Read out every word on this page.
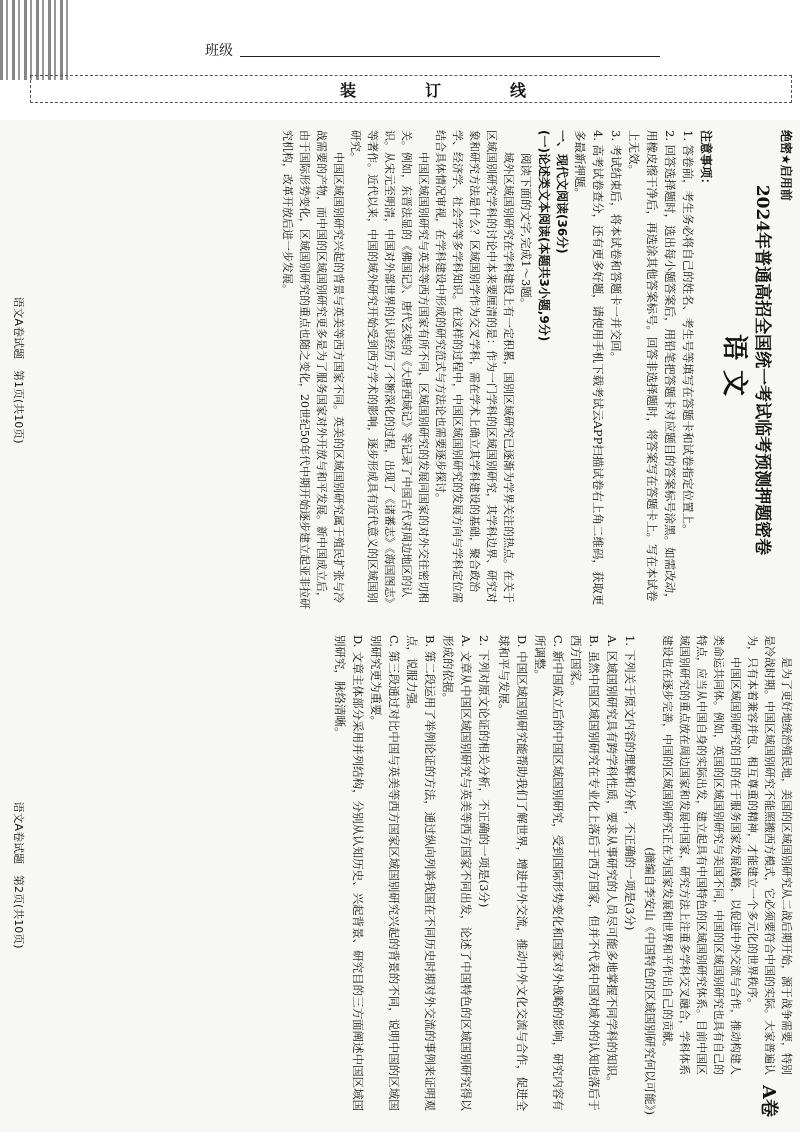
班级
装	订	线
绝密★启用前
2024年普通高招全国统一考试临考预测押题密卷
语文

注意事项：

1. 答卷前，考生务必将自己的姓名、考生号等填写在答题卡和试卷指定位置上。

2. 回答选择题时，选出每小题答案后，用铅笔把答题卡对应题目的答案标号涂黑。如需改动，用橡皮擦干净后，再选涂其他答案标号。回答非选择题时，将答案写在答题卡上。写在本试卷上无效。

3. 考试结束后，将本试卷和答题卡一并交回。

4. 高考试卷查分，还有更多好题，请使用手机下载考试云APP扫描试卷右上角二维码，获取更多最新押题。

一、现代文阅读(36分)
(一)论述类文本阅读(本题共3小题,9分)
阅读下面的文字,完成1～3题。

域外区域国别研究在学科建设上有一定积累，国别区域研究已逐渐为学界关注的热点。在关于区域国别研究学科的讨论中本来要厘清的是：作为一门学科的区域国别研究，其学科边界、研究对象和研究方法是什么？区域国别学作为交叉学科，需在学术上确立其学科建设的基础，聚合政治学、经济学、社会学等多学科知识。在这样的过程中，中国区域国别研究的发展方向与学科定位需结合具体情况审视，在学科建设中形成的研究范式与方法论也需要逐步探讨。

中国区域国别研究与英美等西方国家有所不同，区域国别研究的发展同国家的对外交往密切相关。例如，东晋法显的《佛国记》、唐代玄奘的《大唐西域记》等记录了中国古代对周边地区的认识。从宋元至明清，中国对外部世界的认识经历了不断深化的过程，出现了《诸蕃志》《海国图志》等著作。近代以来，中国的域外研究开始受到西方学术的影响，逐步形成具有近代意义的区域国别研究。

中国区域国别研究兴起的背景与英美等西方国家不同。英美的区域国别研究属于殖民扩张与冷战需要的产物，而中国的区域国别研究更多是为了服务国家对外开放与和平发展。新中国成立后，由于国际形势变化，区域国别研究的重点也随之变化，20世纪50年代中期开始逐步建立起亚非拉研究机构，改革开放后进一步发展。

语文A卷试题　第1页(共10页)
A卷

是为了更好地统治殖民地，美国的区域国别研究从二战后期开始，源于战争需要，特别是冷战时期。中国区域国别研究不能照搬西方模式，它必须要符合中国的实际。大家普遍认为，只有本着兼容并包、相互尊重的精神，才能建立一个多元化的世界秩序。

中国区域国别研究的目的在于服务国家发展战略，以促进中外交流与合作，推动构建人类命运共同体。例如，英国的区域国别研究与美国不同，中国的区域国别研究也具有自己的特点，应当从中国自身的实际出发，建立起具有中国特色的区域国别研究体系。目前中国区域国别研究的重点放在周边国家和发展中国家，研究方法上注重多学科交叉融合，学科体系建设也在逐步完善，中国的区域国别研究正在为国家发展和世界和平作出自己的贡献。

(摘编自李安山《中国特色的区域国别研究何以可能》)
1. 下列关于原文内容的理解和分析，不正确的一项是(3分)
A. 区域国别研究具有跨学科性质，要求从事研究的人员尽可能多地掌握不同学科的知识。
B. 虽然中国区域国别研究在专业化上落后于西方国家，但并不代表中国对域外的认知也落后于西方国家。
C. 新中国成立后的中国区域国别研究，受到国际形势变化和国家对外战略的影响，研究内容有所调整。
D. 中国区域国别研究能帮助我们了解世界，增进中外交流，推动中外文化交流与合作，促进全球和平与发展。
2. 下列对原文论证的相关分析，不正确的一项是(3分)
A. 文章从中国区域国别研究与英美等西方国家不同出发，论述了中国特色的区域国别研究得以形成的依据。
B. 第二段运用了举例论证的方法，通过纵向列举我国在不同历史时期对外交流的事例来证明观点，说服力强。
C. 第三段通过对比中国与英美等西方国家区域国别研究兴起的背景的不同，说明中国的区域国别研究更为重要。
D. 文章主体部分采用并列结构，分别从认知历史、兴起背景、研究目的三方面阐述中国区域国别研究，脉络清晰。
语文A卷试题　第2页(共10页)
